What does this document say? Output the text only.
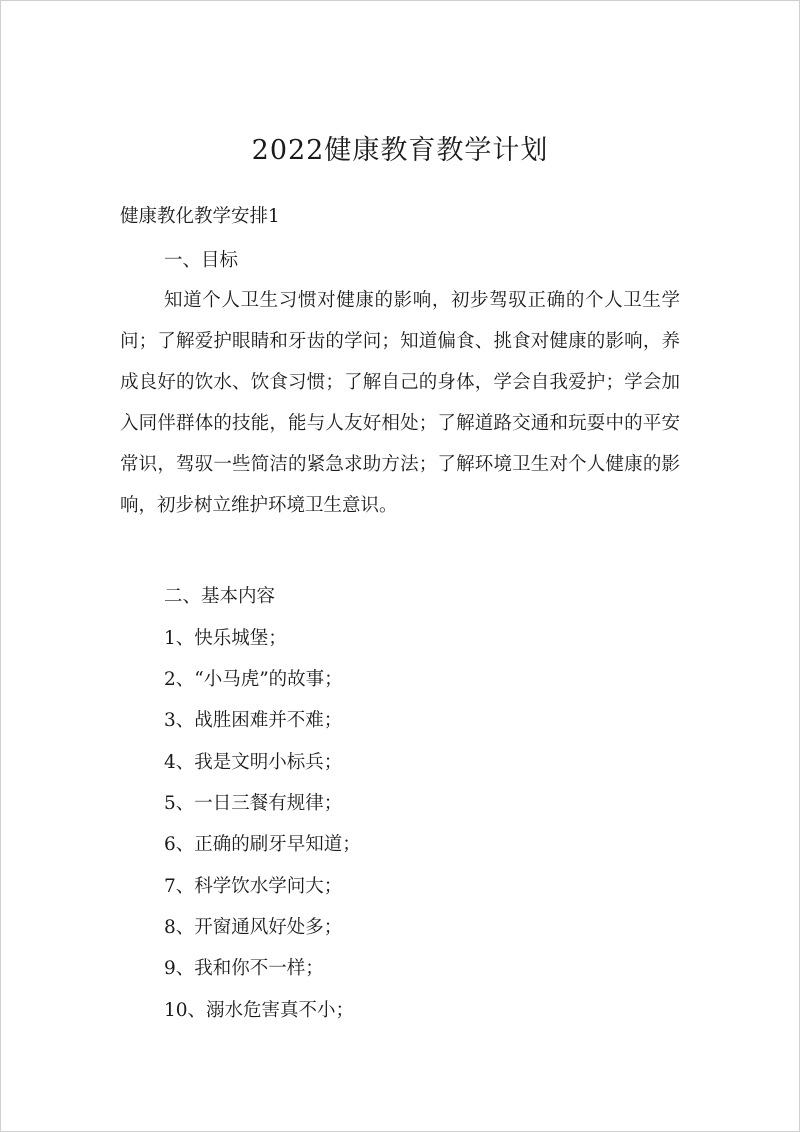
2022健康教育教学计划

健康教化教学安排1

一、目标

知道个人卫生习惯对健康的影响，初步驾驭正确的个人卫生学问；了解爱护眼睛和牙齿的学问；知道偏食、挑食对健康的影响，养成良好的饮水、饮食习惯；了解自己的身体，学会自我爱护；学会加入同伴群体的技能，能与人友好相处；了解道路交通和玩耍中的平安常识，驾驭一些简洁的紧急求助方法；了解环境卫生对个人健康的影响，初步树立维护环境卫生意识。

二、基本内容

1、快乐城堡；

2、“小马虎”的故事；

3、战胜困难并不难；

4、我是文明小标兵；

5、一日三餐有规律；

6、正确的刷牙早知道；

7、科学饮水学问大；

8、开窗通风好处多；

9、我和你不一样；

10、溺水危害真不小；
